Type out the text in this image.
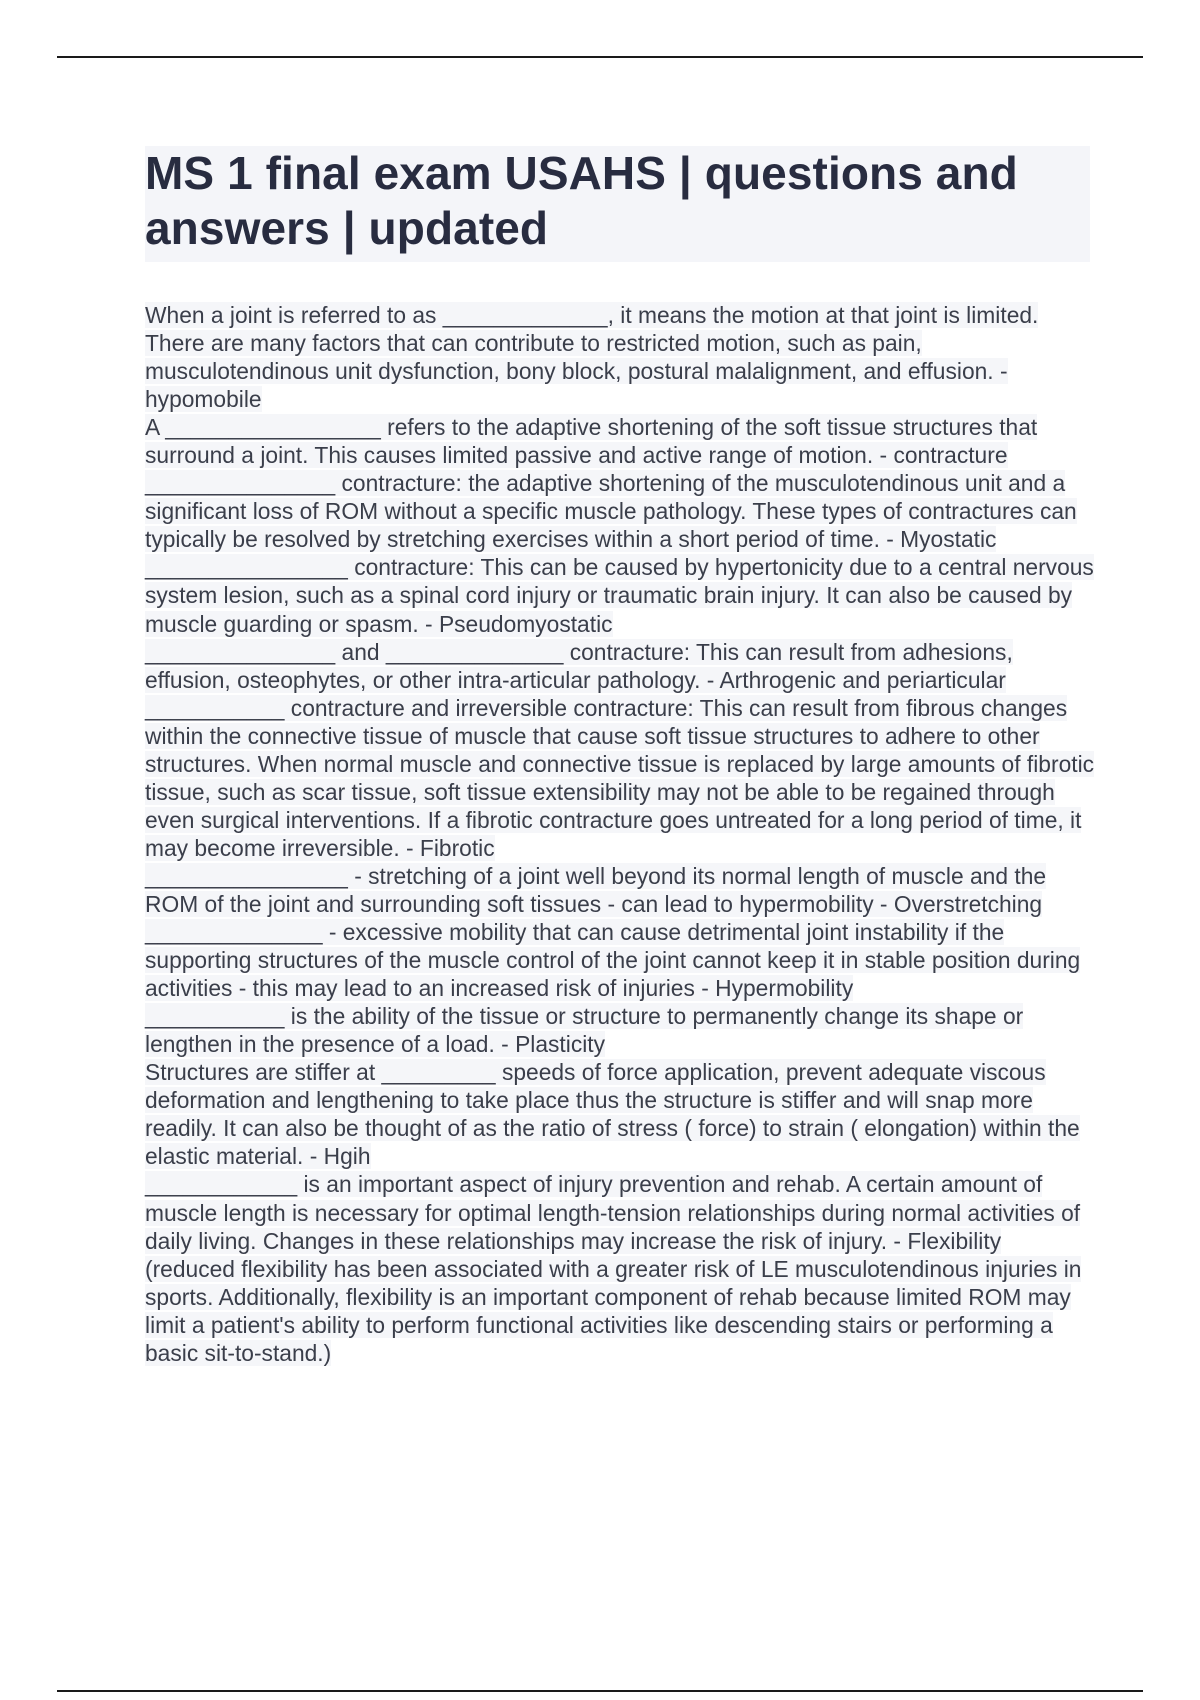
MS 1 final exam USAHS | questions and answers | updated
When a joint is referred to as _____________, it means the motion at that joint is limited. There are many factors that can contribute to restricted motion, such as pain, musculotendinous unit dysfunction, bony block, postural malalignment, and effusion. - hypomobile
A _________________ refers to the adaptive shortening of the soft tissue structures that surround a joint. This causes limited passive and active range of motion. - contracture
_______________ contracture: the adaptive shortening of the musculotendinous unit and a significant loss of ROM without a specific muscle pathology. These types of contractures can typically be resolved by stretching exercises within a short period of time. - Myostatic
________________ contracture: This can be caused by hypertonicity due to a central nervous system lesion, such as a spinal cord injury or traumatic brain injury. It can also be caused by muscle guarding or spasm. - Pseudomyostatic
_______________ and ______________ contracture: This can result from adhesions, effusion, osteophytes, or other intra-articular pathology. - Arthrogenic and periarticular
___________ contracture and irreversible contracture: This can result from fibrous changes within the connective tissue of muscle that cause soft tissue structures to adhere to other structures. When normal muscle and connective tissue is replaced by large amounts of fibrotic tissue, such as scar tissue, soft tissue extensibility may not be able to be regained through even surgical interventions. If a fibrotic contracture goes untreated for a long period of time, it may become irreversible. - Fibrotic
________________ - stretching of a joint well beyond its normal length of muscle and the ROM of the joint and surrounding soft tissues - can lead to hypermobility - Overstretching
______________ - excessive mobility that can cause detrimental joint instability if the supporting structures of the muscle control of the joint cannot keep it in stable position during activities - this may lead to an increased risk of injuries - Hypermobility
___________ is the ability of the tissue or structure to permanently change its shape or lengthen in the presence of a load. - Plasticity
Structures are stiffer at _________ speeds of force application, prevent adequate viscous deformation and lengthening to take place thus the structure is stiffer and will snap more readily. It can also be thought of as the ratio of stress ( force) to strain ( elongation) within the elastic material. - Hgih
____________ is an important aspect of injury prevention and rehab. A certain amount of muscle length is necessary for optimal length-tension relationships during normal activities of daily living. Changes in these relationships may increase the risk of injury. - Flexibility (reduced flexibility has been associated with a greater risk of LE musculotendinous injuries in sports. Additionally, flexibility is an important component of rehab because limited ROM may limit a patient's ability to perform functional activities like descending stairs or performing a basic sit-to-stand.)
